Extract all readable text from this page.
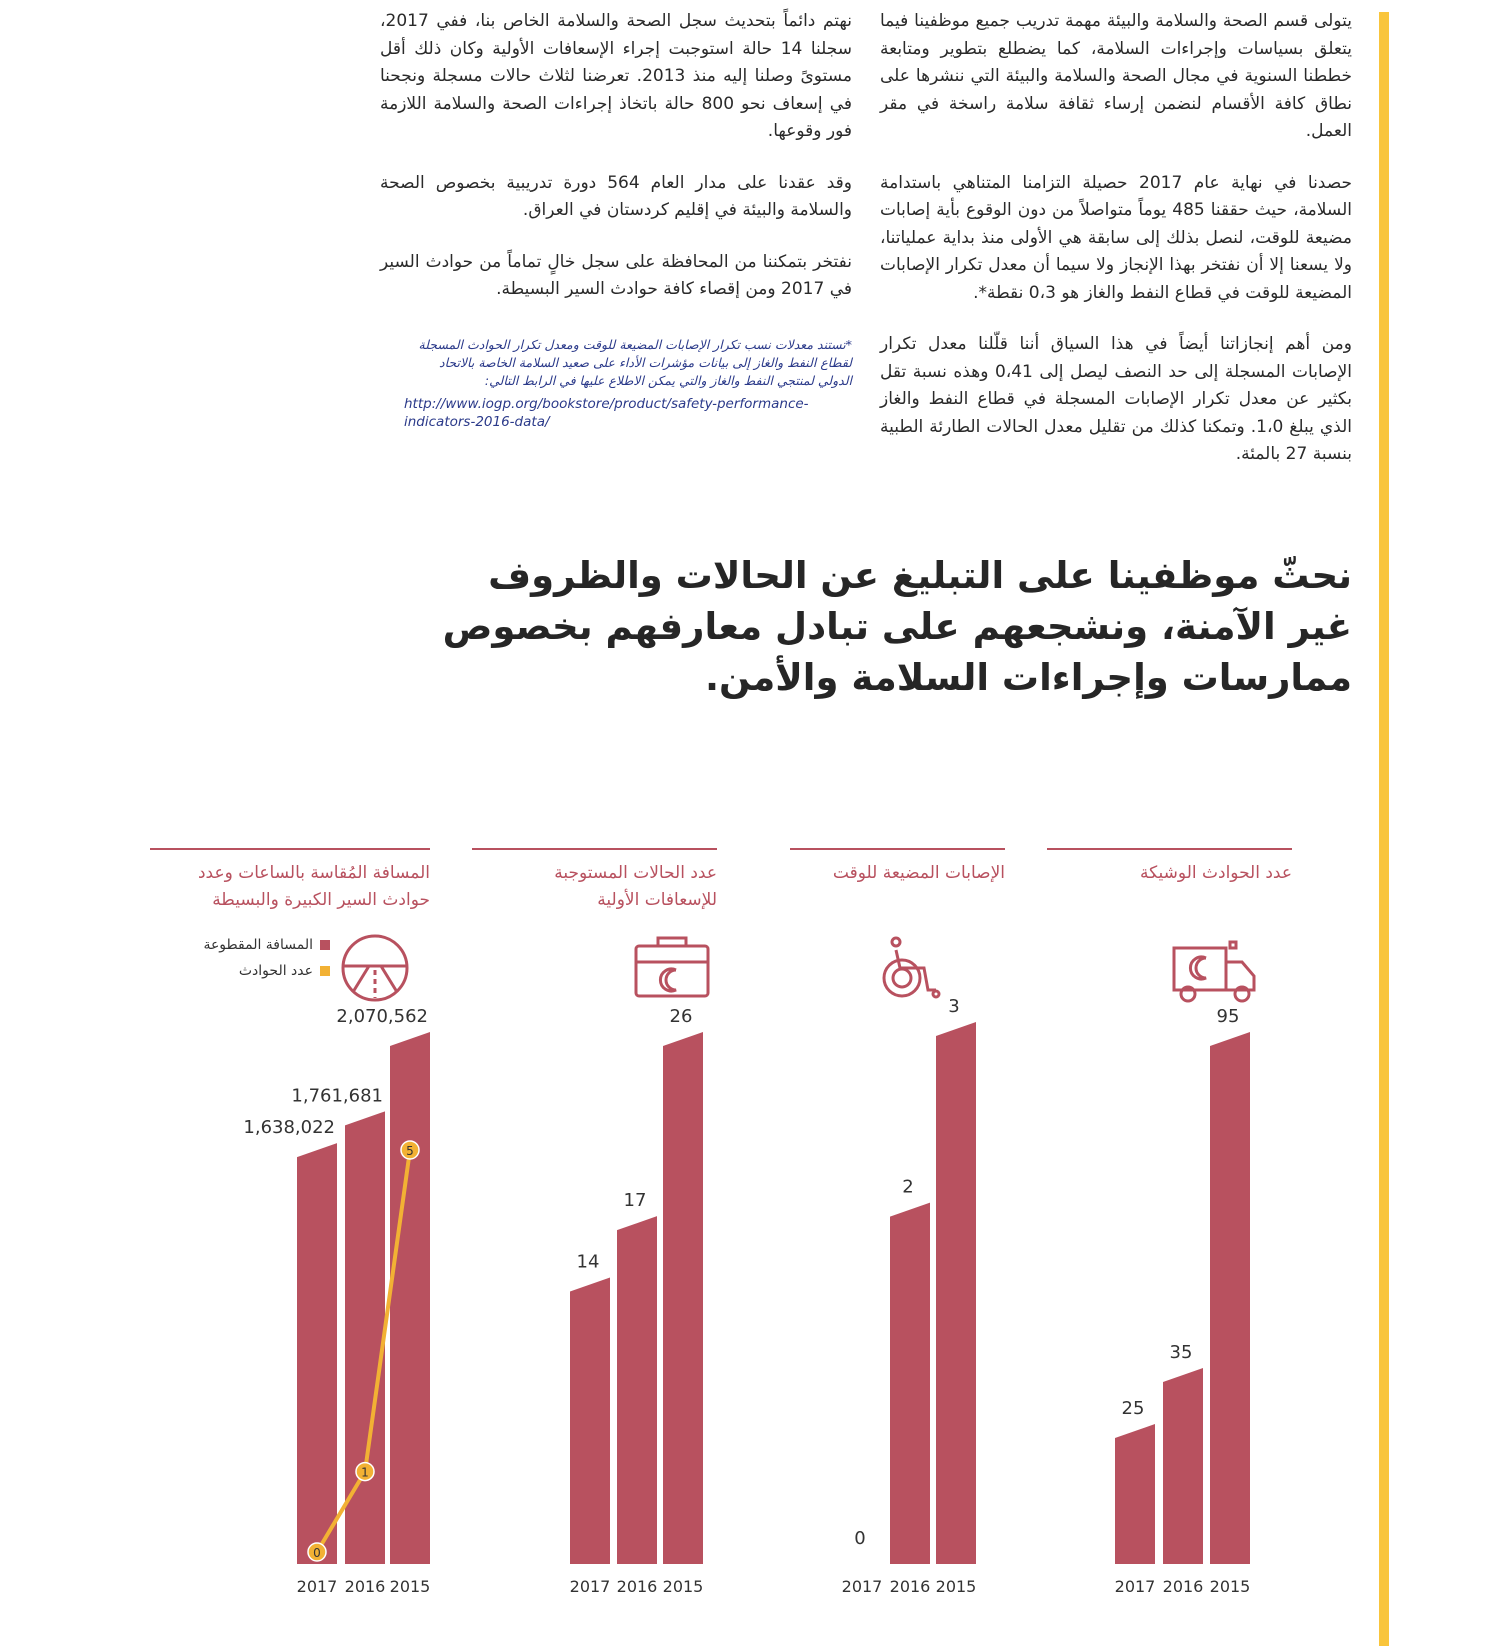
يتولى قسم الصحة والسلامة والبيئة مهمة تدريب جميع موظفينا فيما يتعلق بسياسات وإجراءات السلامة، كما يضطلع بتطوير ومتابعة خططنا السنوية في مجال الصحة والسلامة والبيئة التي ننشرها على نطاق كافة الأقسام لنضمن إرساء ثقافة سلامة راسخة في مقر العمل.

حصدنا في نهاية عام 2017 حصيلة التزامنا المتناهي باستدامة السلامة، حيث حققنا 485 يوماً متواصلاً من دون الوقوع بأية إصابات مضيعة للوقت، لنصل بذلك إلى سابقة هي الأولى منذ بداية عملياتنا، ولا يسعنا إلا أن نفتخر بهذا الإنجاز ولا سيما أن معدل تكرار الإصابات المضيعة للوقت في قطاع النفط والغاز هو 0،3 نقطة*.

ومن أهم إنجازاتنا أيضاً في هذا السياق أننا قلّلنا معدل تكرار الإصابات المسجلة إلى حد النصف ليصل إلى 0،41 وهذه نسبة تقل بكثير عن معدل تكرار الإصابات المسجلة في قطاع النفط والغاز الذي يبلغ 1،0. وتمكنا كذلك من تقليل معدل الحالات الطارئة الطبية بنسبة 27 بالمئة.

نهتم دائماً بتحديث سجل الصحة والسلامة الخاص بنا، ففي 2017، سجلنا 14 حالة استوجبت إجراء الإسعافات الأولية وكان ذلك أقل مستوىً وصلنا إليه منذ 2013. تعرضنا لثلاث حالات مسجلة ونجحنا في إسعاف نحو 800 حالة باتخاذ إجراءات الصحة والسلامة اللازمة فور وقوعها.

وقد عقدنا على مدار العام 564 دورة تدريبية بخصوص الصحة والسلامة والبيئة في إقليم كردستان في العراق.

نفتخر بتمكننا من المحافظة على سجل خالٍ تماماً من حوادث السير في 2017 ومن إقصاء كافة حوادث السير البسيطة.

*تستند معدلات نسب تكرار الإصابات المضيعة للوقت ومعدل تكرار الحوادث المسجلة لقطاع النفط والغاز إلى بيانات مؤشرات الأداء على صعيد السلامة الخاصة بالاتحاد الدولي لمنتجي النفط والغاز والتي يمكن الاطلاع عليها في الرابط التالي:
http://www.iogp.org/bookstore/product/safety-performance-indicators-2016-data/
نحثّ موظفينا على التبليغ عن الحالات والظروف غير الآمنة، ونشجعهم على تبادل معارفهم بخصوص ممارسات وإجراءات السلامة والأمن.
المسافة المُقاسة بالساعات وعدد حوادث السير الكبيرة والبسيطة
1,638,022
2017
1,761,681
2016
2,070,562
2015
0
1
5
المسافة المقطوعة
عدد الحوادث
عدد الحالات المستوجبة للإسعافات الأولية
14
2017
17
2016
26
2015
الإصابات المضيعة للوقت
0
2017
2
2016
3
2015
عدد الحوادث الوشيكة
25
2017
35
2016
95
2015
